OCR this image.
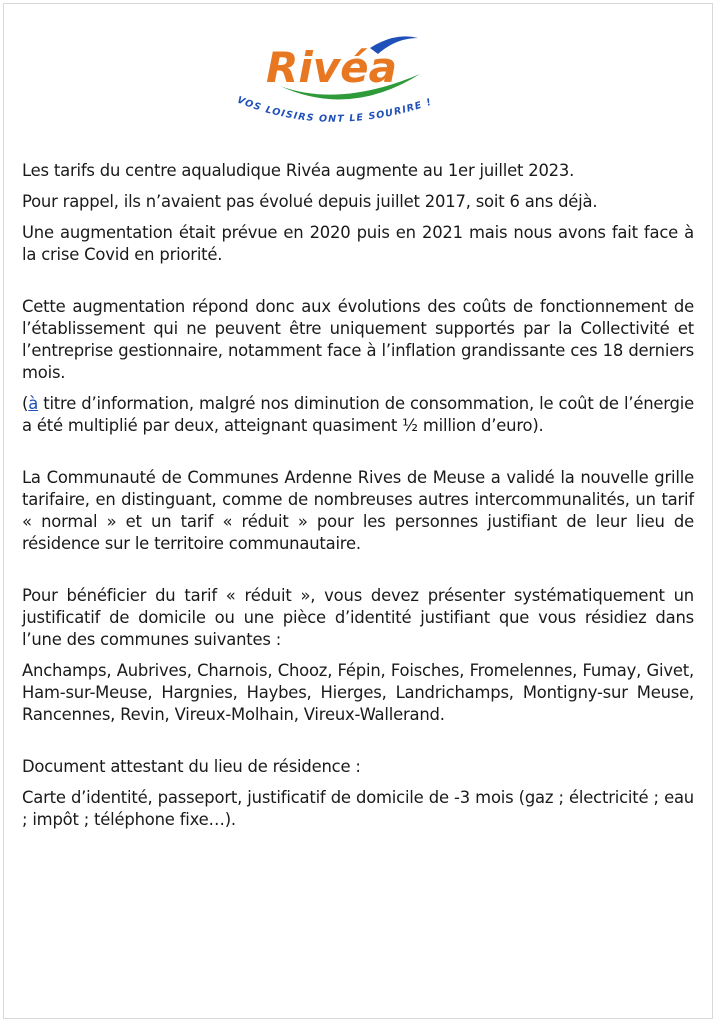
Rivéa
VOS LOISIRS ONT LE SOURIRE !

Les tarifs du centre aqualudique Rivéa augmente au 1er juillet 2023.

Pour rappel, ils n’avaient pas évolué depuis juillet 2017, soit 6 ans déjà.

Une augmentation était prévue en 2020 puis en 2021 mais nous avons fait face à la crise Covid en priorité.

Cette augmentation répond donc aux évolutions des coûts de fonctionnement de l’établissement qui ne peuvent être uniquement supportés par la Collectivité et l’entreprise gestionnaire, notamment face à l’inflation grandissante ces 18 derniers mois.

(à titre d’information, malgré nos diminution de consommation, le coût de l’énergie a été multiplié par deux, atteignant quasiment ½ million d’euro).

La Communauté de Communes Ardenne Rives de Meuse a validé la nouvelle grille tarifaire, en distinguant, comme de nombreuses autres intercommunalités, un tarif « normal » et un tarif « réduit » pour les personnes justifiant de leur lieu de résidence sur le territoire communautaire.

Pour bénéficier du tarif « réduit », vous devez présenter systématiquement un justificatif de domicile ou une pièce d’identité justifiant que vous résidiez dans l’une des communes suivantes :

Anchamps, Aubrives, Charnois, Chooz, Fépin, Foisches, Fromelennes, Fumay, Givet, Ham-sur-Meuse, Hargnies, Haybes, Hierges, Landrichamps, Montigny-sur Meuse, Rancennes, Revin, Vireux-Molhain, Vireux-Wallerand.

Document attestant du lieu de résidence :

Carte d’identité, passeport, justificatif de domicile de -3 mois (gaz ; électricité ; eau ; impôt ; téléphone fixe…).
